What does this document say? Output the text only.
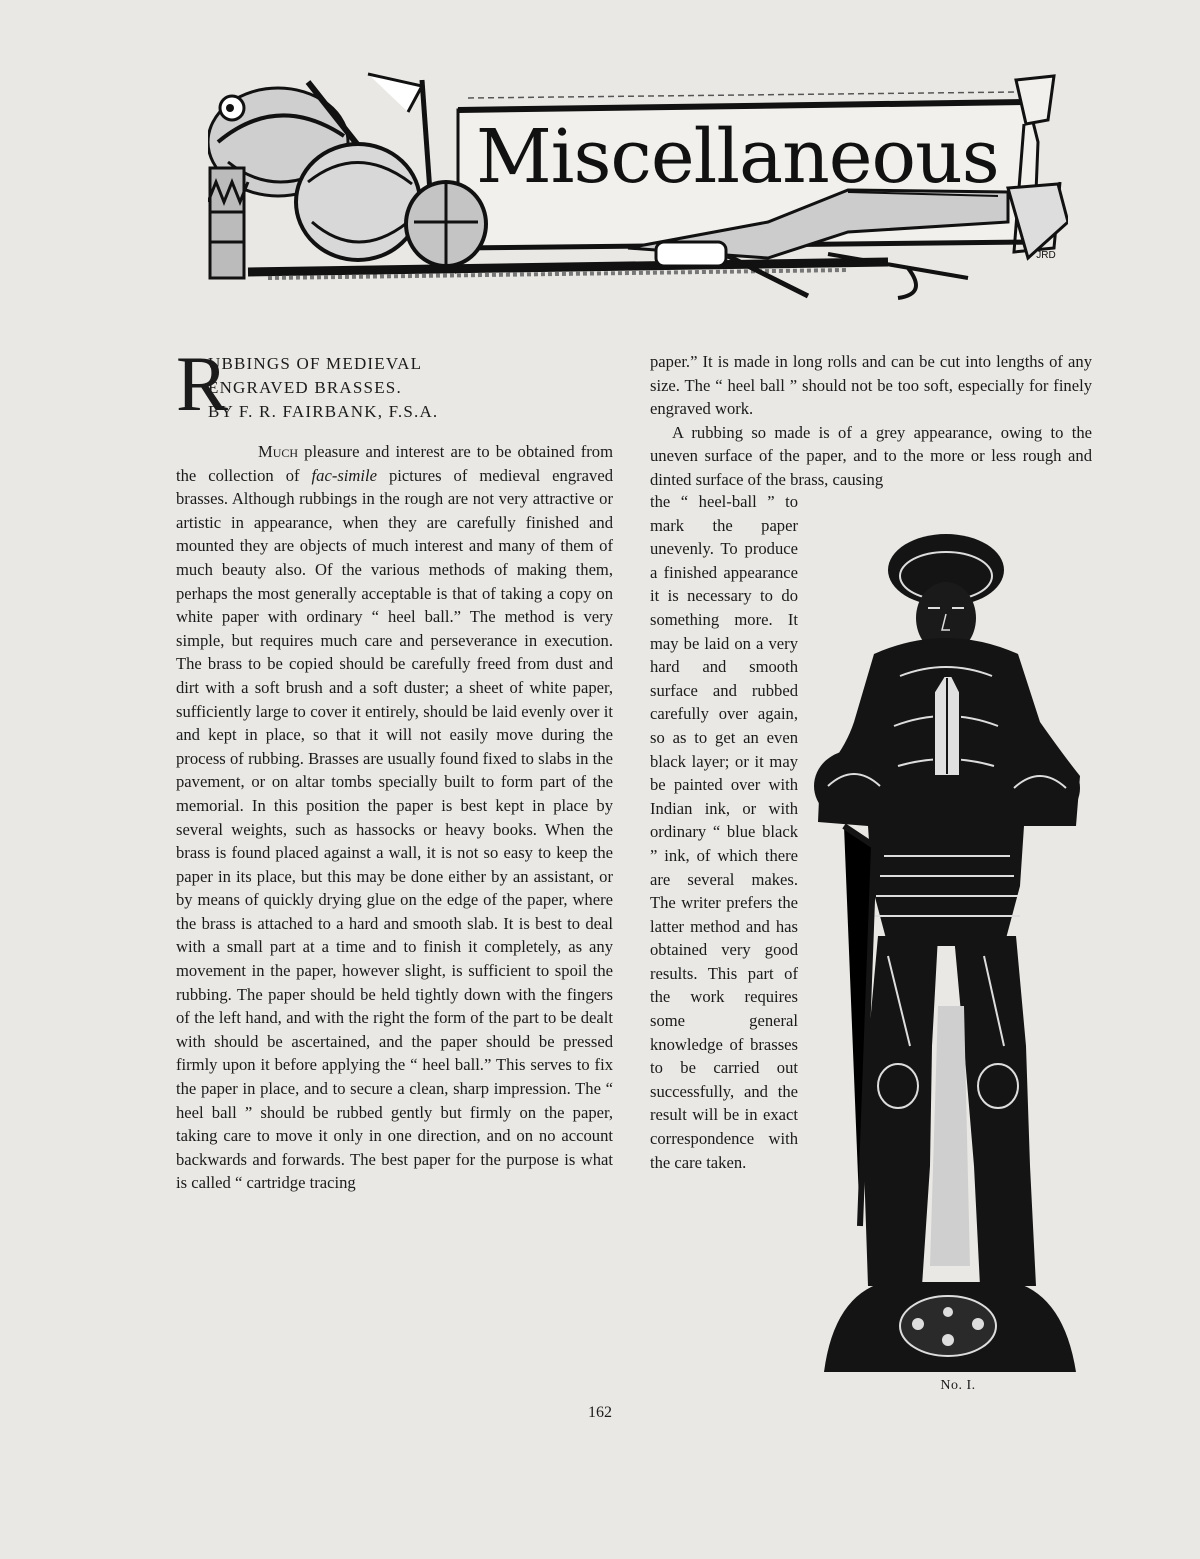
JRD
Miscellaneous
R
UBBINGS OF MEDIEVAL
ENGRAVED BRASSES.
BY F. R. FAIRBANK, F.S.A.

Much pleasure and interest are to be obtained from the collection of fac-simile pictures of medieval engraved brasses. Although rubbings in the rough are not very attractive or artistic in appearance, when they are carefully finished and mounted they are objects of much interest and many of them of much beauty also. Of the various methods of making them, perhaps the most generally acceptable is that of taking a copy on white paper with ordinary “ heel ball.” The method is very simple, but requires much care and perseverance in execution. The brass to be copied should be carefully freed from dust and dirt with a soft brush and a soft duster; a sheet of white paper, sufficiently large to cover it entirely, should be laid evenly over it and kept in place, so that it will not easily move during the process of rubbing. Brasses are usually found fixed to slabs in the pavement, or on altar tombs specially built to form part of the memorial. In this position the paper is best kept in place by several weights, such as hassocks or heavy books. When the brass is found placed against a wall, it is not so easy to keep the paper in its place, but this may be done either by an assistant, or by means of quickly drying glue on the edge of the paper, where the brass is attached to a hard and smooth slab. It is best to deal with a small part at a time and to finish it completely, as any movement in the paper, however slight, is sufficient to spoil the rubbing. The paper should be held tightly down with the fingers of the left hand, and with the right the form of the part to be dealt with should be ascertained, and the paper should be pressed firmly upon it before applying the “ heel ball.” This serves to fix the paper in place, and to secure a clean, sharp impression. The “ heel ball ” should be rubbed gently but firmly on the paper, taking care to move it only in one direction, and on no account backwards and forwards. The best paper for the purpose is what is called “ cartridge tracing

paper.” It is made in long rolls and can be cut into lengths of any size. The “ heel ball ” should not be too soft, especially for finely engraved work.

A rubbing so made is of a grey appearance, owing to the uneven surface of the paper, and to the more or less rough and dinted surface of the brass, causing

the “ heel-ball ” to mark the paper unevenly. To produce a finished appearance it is necessary to do something more. It may be laid on a very hard and smooth surface and rubbed carefully over again, so as to get an even black layer; or it may be painted over with Indian ink, or with ordinary “ blue black ” ink, of which there are several makes. The writer prefers the latter method and has obtained very good results. This part of the work requires some general knowledge of brasses to be carried out successfully, and the result will be in exact correspondence with the care taken.

No. I.
162
